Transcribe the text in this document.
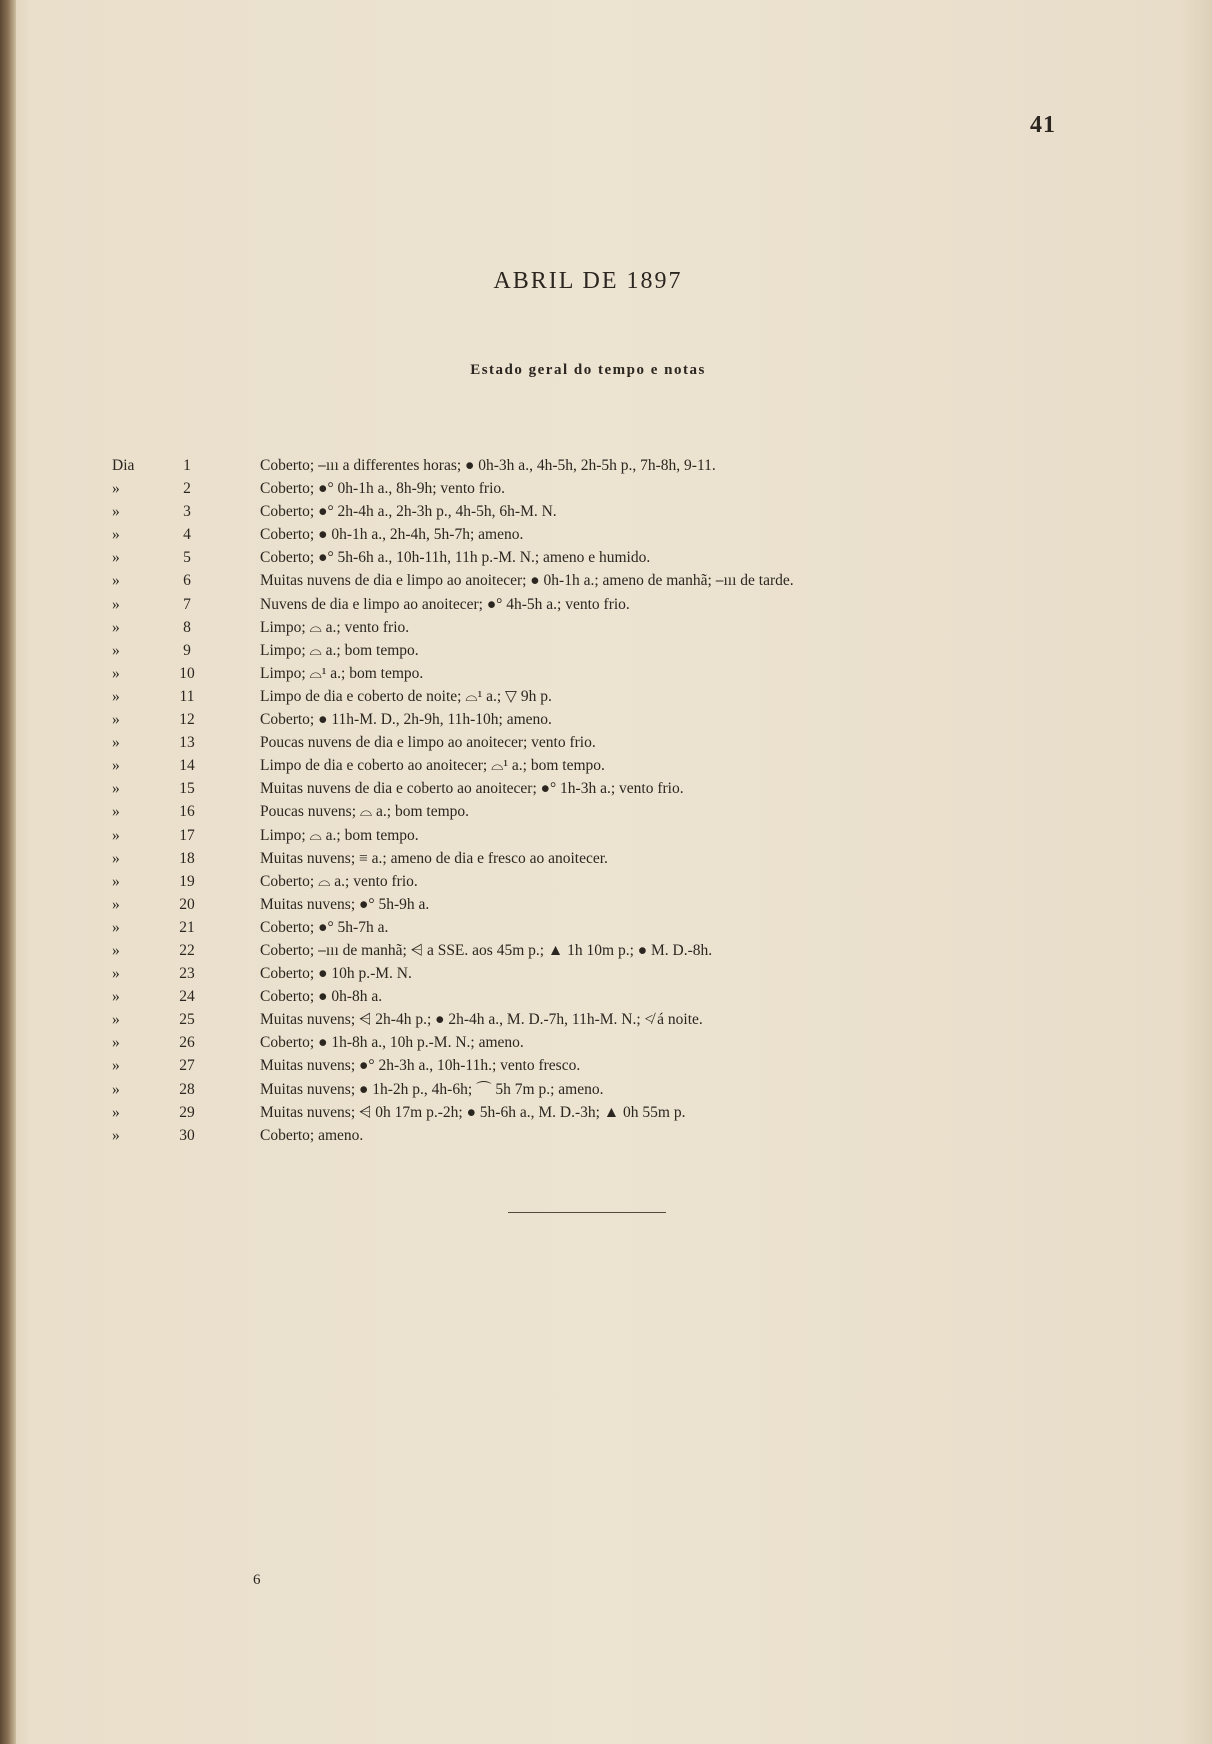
41
ABRIL DE 1897
Estado geral do tempo e notas
Dia	1	Coberto; ⎯ııı a differentes horas; ● 0h-3h a., 4h-5h, 2h-5h p., 7h-8h, 9-11.
»	2	Coberto; ●° 0h-1h a., 8h-9h; vento frio.
»	3	Coberto; ●° 2h-4h a., 2h-3h p., 4h-5h, 6h-M. N.
»	4	Coberto; ● 0h-1h a., 2h-4h, 5h-7h; ameno.
»	5	Coberto; ●° 5h-6h a., 10h-11h, 11h p.-M. N.; ameno e humido.
»	6	Muitas nuvens de dia e limpo ao anoitecer; ● 0h-1h a.; ameno de manhã; ⎯ııı de tarde.
»	7	Nuvens de dia e limpo ao anoitecer; ●° 4h-5h a.; vento frio.
»	8	Limpo; ⌓ a.; vento frio.
»	9	Limpo; ⌓ a.; bom tempo.
»	10	Limpo; ⌓¹ a.; bom tempo.
»	11	Limpo de dia e coberto de noite; ⌓¹ a.; ▽ 9h p.
»	12	Coberto; ● 11h-M. D., 2h-9h, 11h-10h; ameno.
»	13	Poucas nuvens de dia e limpo ao anoitecer; vento frio.
»	14	Limpo de dia e coberto ao anoitecer; ⌓¹ a.; bom tempo.
»	15	Muitas nuvens de dia e coberto ao anoitecer; ●° 1h-3h a.; vento frio.
»	16	Poucas nuvens; ⌓ a.; bom tempo.
»	17	Limpo; ⌓ a.; bom tempo.
»	18	Muitas nuvens; ≡ a.; ameno de dia e fresco ao anoitecer.
»	19	Coberto; ⌓ a.; vento frio.
»	20	Muitas nuvens; ●° 5h-9h a.
»	21	Coberto; ●° 5h-7h a.
»	22	Coberto; ⎯ııı de manhã; ⩤ a SSE. aos 45m p.; ▲ 1h 10m p.; ● M. D.-8h.
»	23	Coberto; ● 10h p.-M. N.
»	24	Coberto; ● 0h-8h a.
»	25	Muitas nuvens; ⩤ 2h-4h p.; ● 2h-4h a., M. D.-7h, 11h-M. N.; ≮ á noite.
»	26	Coberto; ● 1h-8h a., 10h p.-M. N.; ameno.
»	27	Muitas nuvens; ●° 2h-3h a., 10h-11h.; vento fresco.
»	28	Muitas nuvens; ● 1h-2h p., 4h-6h; ⌒ 5h 7m p.; ameno.
»	29	Muitas nuvens; ⩤ 0h 17m p.-2h; ● 5h-6h a., M. D.-3h; ▲ 0h 55m p.
»	30	Coberto; ameno.
6
